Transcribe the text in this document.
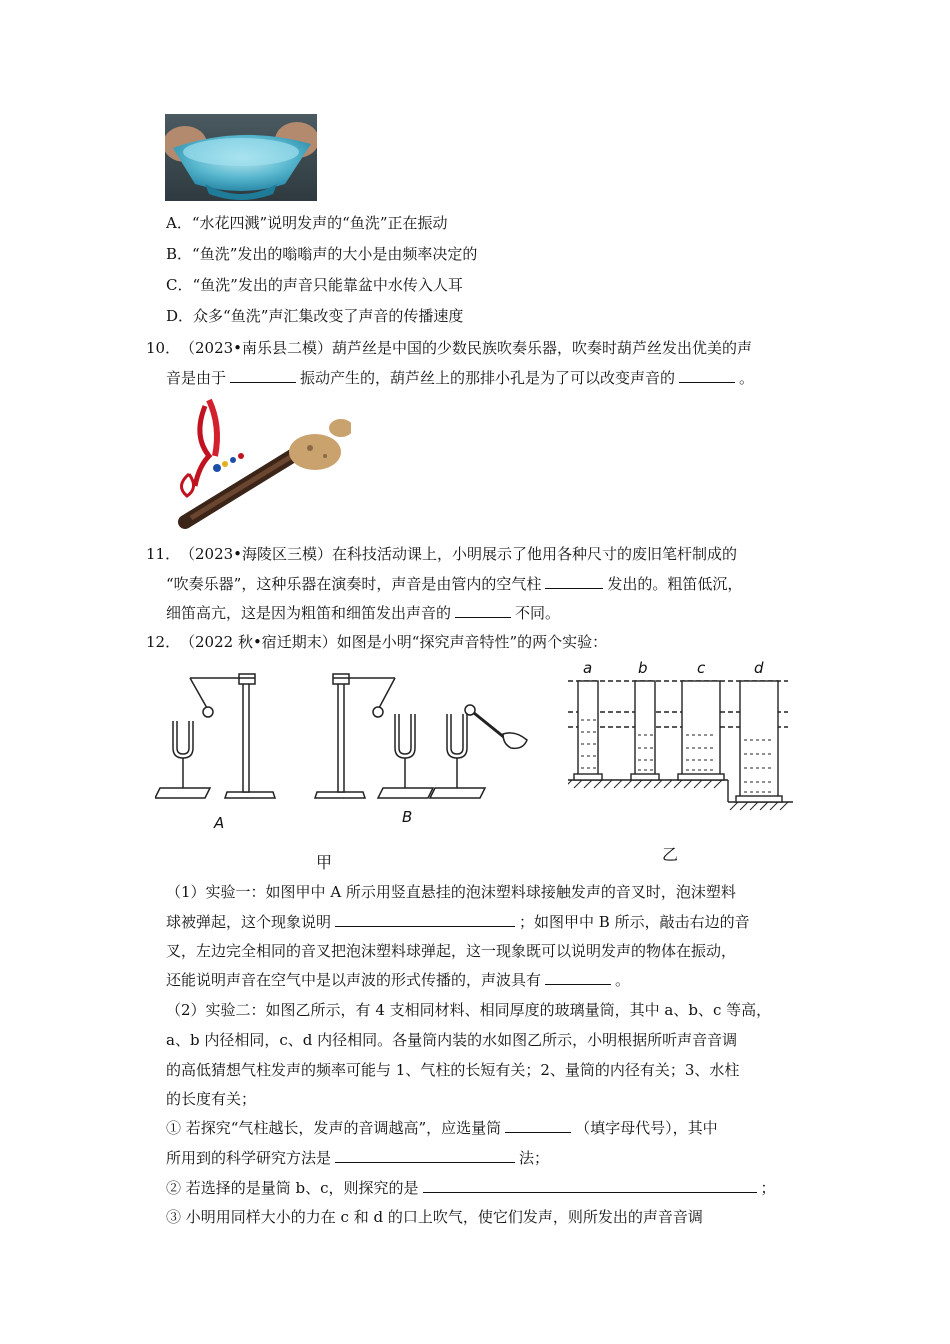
A．“水花四溅”说明发声的“鱼洗”正在振动
B．“鱼洗”发出的嗡嗡声的大小是由频率决定的
C．“鱼洗”发出的声音只能靠盆中水传入人耳
D．众多“鱼洗”声汇集改变了声音的传播速度
10． （2023•南乐县二模）葫芦丝是中国的少数民族吹奏乐器，吹奏时葫芦丝发出优美的声
音是由于	振动产生的，葫芦丝上的那排小孔是为了可以改变声音的	。
11． （2023•海陵区三模）在科技活动课上，小明展示了他用各种尺寸的废旧笔杆制成的
“吹奏乐器”，这种乐器在演奏时，声音是由管内的空气柱	发出的。粗笛低沉，
细笛高亢，这是因为粗笛和细笛发出声音的	不同。
12． （2022 秋•宿迁期末）如图是小明“探究声音特性”的两个实验：
A	B
甲
a	b	c	d
乙
（1）实验一：如图甲中 A 所示用竖直悬挂的泡沫塑料球接触发声的音叉时，泡沫塑料
球被弹起，这个现象说明	；如图甲中 B 所示，敲击右边的音
叉，左边完全相同的音叉把泡沫塑料球弹起，这一现象既可以说明发声的物体在振动，
还能说明声音在空气中是以声波的形式传播的，声波具有	。
（2）实验二：如图乙所示，有 4 支相同材料、相同厚度的玻璃量筒，其中 a、b、c 等高，
a、b 内径相同，c、d 内径相同。各量筒内装的水如图乙所示，小明根据所听声音音调
的高低猜想气柱发声的频率可能与 1、气柱的长短有关；2、量筒的内径有关；3、水柱
的长度有关；
① 若探究“气柱越长，发声的音调越高”，应选量筒	（填字母代号），其中
所用到的科学研究方法是	法；
② 若选择的是量筒 b、c，则探究的是	；
③ 小明用同样大小的力在 c 和 d 的口上吹气，使它们发声，则所发出的声音音调
